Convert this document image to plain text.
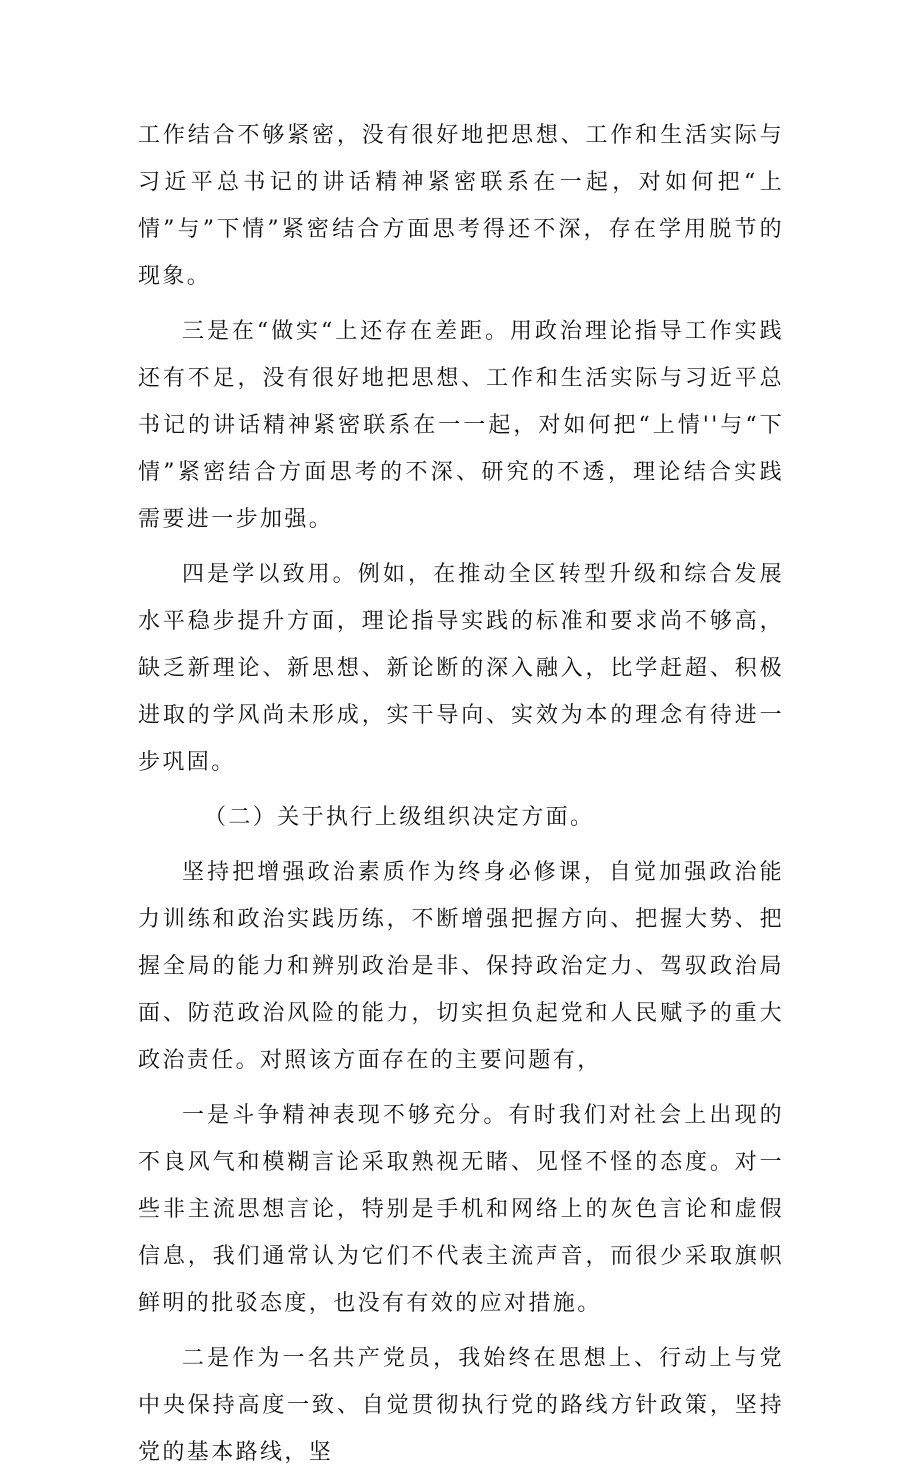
工作结合不够紧密，没有很好地把思想、工作和生活实际与习近平总书记的讲话精神紧密联系在一起，对如何把“上情”与”下情”紧密结合方面思考得还不深，存在学用脱节的现象。

三是在“做实“上还存在差距。用政治理论指导工作实践还有不足，没有很好地把思想、工作和生活实际与习近平总书记的讲话精神紧密联系在一一起，对如何把“上情''与“下情”紧密结合方面思考的不深、研究的不透，理论结合实践需要进一步加强。

四是学以致用。例如，在推动全区转型升级和综合发展水平稳步提升方面，理论指导实践的标准和要求尚不够高，缺乏新理论、新思想、新论断的深入融入，比学赶超、积极进取的学风尚未形成，实干导向、实效为本的理念有待进一步巩固。

（二）关于执行上级组织决定方面。

坚持把增强政治素质作为终身必修课，自觉加强政治能力训练和政治实践历练，不断增强把握方向、把握大势、把握全局的能力和辨别政治是非、保持政治定力、驾驭政治局面、防范政治风险的能力，切实担负起党和人民赋予的重大政治责任。对照该方面存在的主要问题有，

一是斗争精神表现不够充分。有时我们对社会上出现的不良风气和模糊言论采取熟视无睹、见怪不怪的态度。对一些非主流思想言论，特别是手机和网络上的灰色言论和虚假信息，我们通常认为它们不代表主流声音，而很少采取旗帜鲜明的批驳态度，也没有有效的应对措施。

二是作为一名共产党员，我始终在思想上、行动上与党中央保持高度一致、自觉贯彻执行党的路线方针政策，坚持党的基本路线，坚
